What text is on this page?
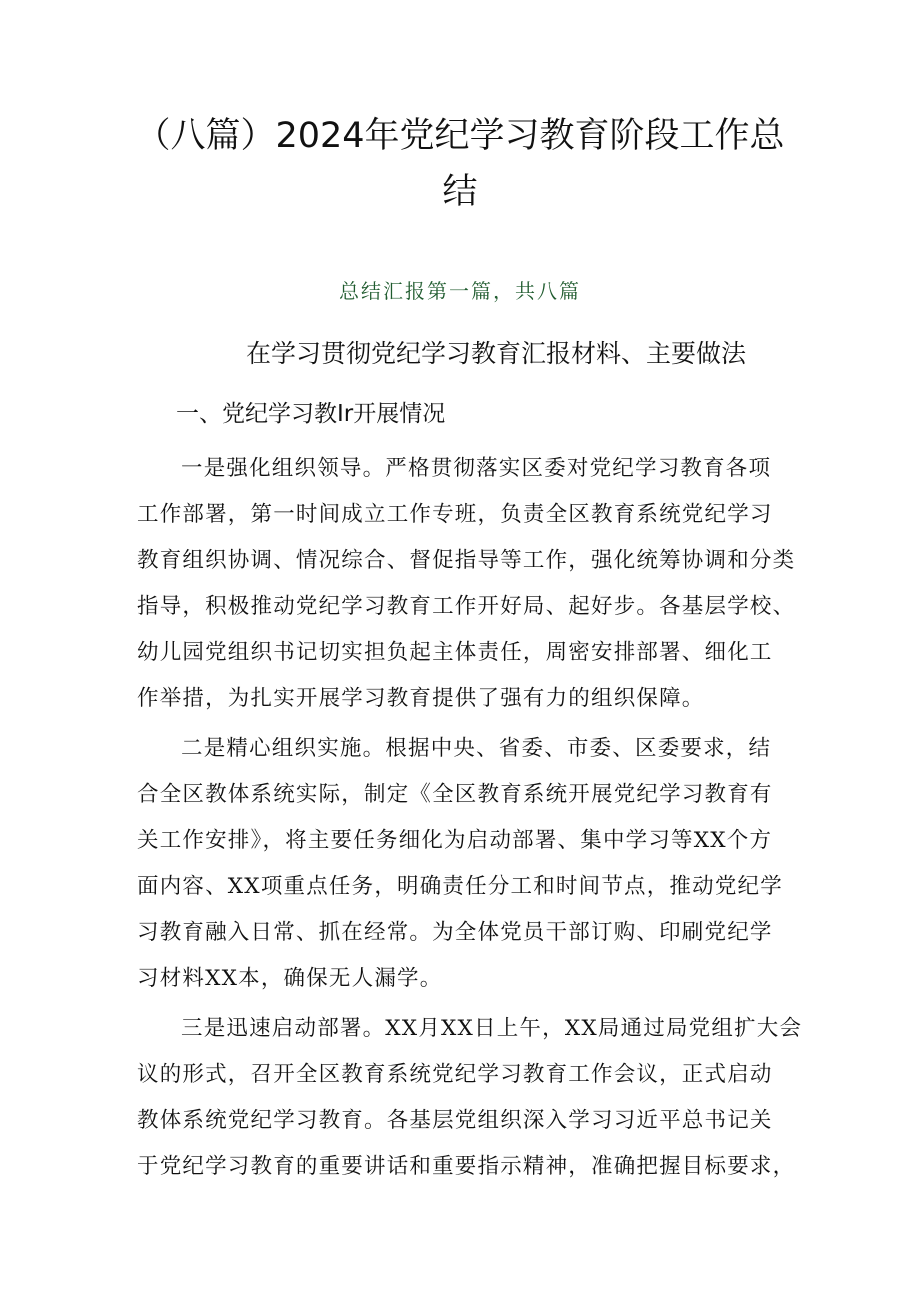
（八篇）2024年党纪学习教育阶段工作总
结
总结汇报第一篇，共八篇
在学习贯彻党纪学习教育汇报材料、主要做法
一、党纪学习教Ir开展情况
一是强化组织领导。严格贯彻落实区委对党纪学习教育各项
工作部署，第一时间成立工作专班，负责全区教育系统党纪学习
教育组织协调、情况综合、督促指导等工作，强化统筹协调和分类
指导，积极推动党纪学习教育工作开好局、起好步。各基层学校、
幼儿园党组织书记切实担负起主体责任，周密安排部署、细化工
作举措，为扎实开展学习教育提供了强有力的组织保障。
二是精心组织实施。根据中央、省委、市委、区委要求，结
合全区教体系统实际，制定《全区教育系统开展党纪学习教育有
关工作安排》，将主要任务细化为启动部署、集中学习等XX个方
面内容、XX项重点任务，明确责任分工和时间节点，推动党纪学
习教育融入日常、抓在经常。为全体党员干部订购、印刷党纪学
习材料XX本，确保无人漏学。
三是迅速启动部署。XX月XX日上午，XX局通过局党组扩大会
议的形式，召开全区教育系统党纪学习教育工作会议，正式启动
教体系统党纪学习教育。各基层党组织深入学习习近平总书记关
于党纪学习教育的重要讲话和重要指示精神，准确把握目标要求，
